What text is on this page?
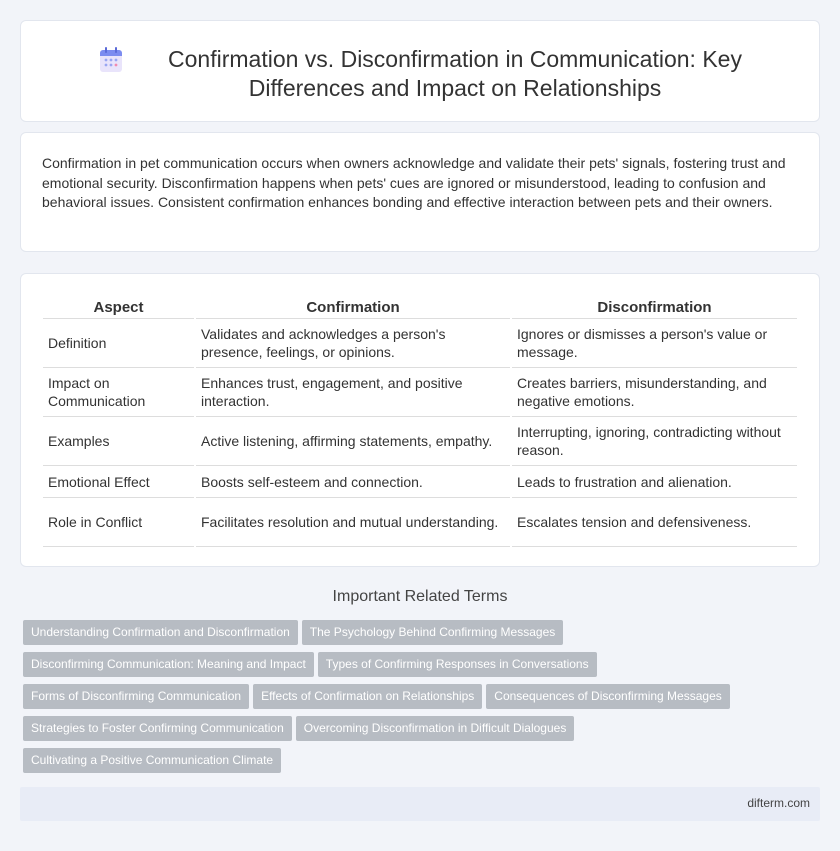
Confirmation vs. Disconfirmation in Communication: Key Differences and Impact on Relationships

Confirmation in pet communication occurs when owners acknowledge and validate their pets' signals, fostering trust and emotional security. Disconfirmation happens when pets' cues are ignored or misunderstood, leading to confusion and behavioral issues. Consistent confirmation enhances bonding and effective interaction between pets and their owners.

Aspect	Confirmation	Disconfirmation
Definition	Validates and acknowledges a person's presence, feelings, or opinions.	Ignores or dismisses a person's value or message.
Impact on Communication	Enhances trust, engagement, and positive interaction.	Creates barriers, misunderstanding, and negative emotions.
Examples	Active listening, affirming statements, empathy.	Interrupting, ignoring, contradicting without reason.
Emotional Effect	Boosts self-esteem and connection.	Leads to frustration and alienation.
Role in Conflict	Facilitates resolution and mutual understanding.	Escalates tension and defensiveness.
Important Related Terms
Understanding Confirmation and Disconfirmation The Psychology Behind Confirming Messages
Disconfirming Communication: Meaning and Impact Types of Confirming Responses in Conversations
Forms of Disconfirming Communication Effects of Confirmation on Relationships Consequences of Disconfirming Messages
Strategies to Foster Confirming Communication Overcoming Disconfirmation in Difficult Dialogues
Cultivating a Positive Communication Climate
difterm.com
